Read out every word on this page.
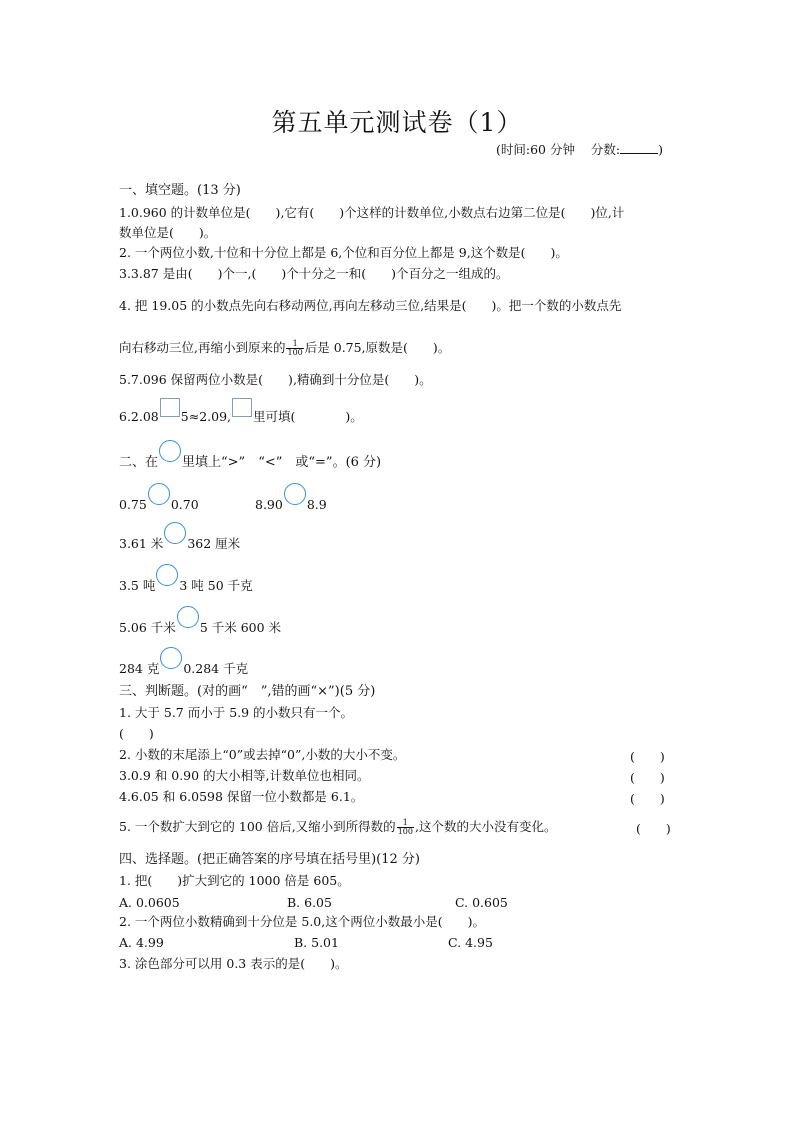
第五单元测试卷（1）
(时间:60 分钟 分数:	)
一、填空题。(13 分)
1.0.960 的计数单位是(　　),它有(　　)个这样的计数单位,小数点右边第二位是(　　)位,计
数单位是(　　)。
2. 一个两位小数,十位和十分位上都是 6,个位和百分位上都是 9,这个数是(　　)。
3.3.87 是由(　　)个一,(　　)个十分之一和(　　)个百分之一组成的。
4. 把 19.05 的小数点先向右移动两位,再向左移动三位,结果是(　　)。把一个数的小数点先
向右移动三位,再缩小到原来的 $\frac{1}{100}$ 后是 0.75,原数是(　　)。
5.7.096 保留两位小数是(　　),精确到十分位是(　　)。
6.2.08 5≈2.09, 里可填(　　　　)。
二、在 里填上“>”　“<”　或“=”。(6 分)
0.75 0.70	8.90 8.9
3.61 米 362 厘米
3.5 吨 3 吨 50 千克
5.06 千米 5 千米 600 米
284 克 0.284 千克
三、判断题。(对的画“　”,错的画“×”)(5 分)
1. 大于 5.7 而小于 5.9 的小数只有一个。
(　　)
2. 小数的末尾添上“0”或去掉“0”,小数的大小不变。	(　　)
3.0.9 和 0.90 的大小相等,计数单位也相同。	(　　)
4.6.05 和 6.0598 保留一位小数都是 6.1。	(　　)
5. 一个数扩大到它的 100 倍后,又缩小到所得数的 $\frac{1}{100}$ ,这个数的大小没有变化。	(　　)
四、选择题。(把正确答案的序号填在括号里)(12 分)
1. 把(　　)扩大到它的 1000 倍是 605。
A. 0.0605	B. 6.05	C. 0.605
2. 一个两位小数精确到十分位是 5.0,这个两位小数最小是(　　)。
A. 4.99	B. 5.01	C. 4.95
3. 涂色部分可以用 0.3 表示的是(　　)。
